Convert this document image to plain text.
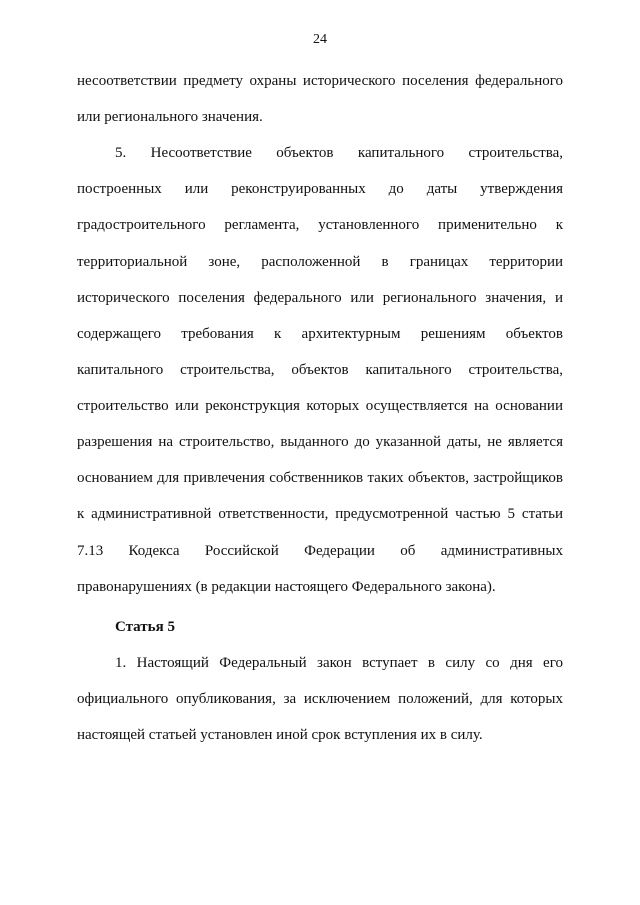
24
несоответствии предмету охраны исторического поселения федерального
или регионального значения.
5. Несоответствие объектов капитального строительства,
построенных или реконструированных до даты утверждения
градостроительного регламента, установленного применительно к
территориальной зоне, расположенной в границах территории
исторического поселения федерального или регионального значения, и
содержащего требования к архитектурным решениям объектов
капитального строительства, объектов капитального строительства,
строительство или реконструкция которых осуществляется на основании
разрешения на строительство, выданного до указанной даты, не является
основанием для привлечения собственников таких объектов, застройщиков
к административной ответственности, предусмотренной частью 5 статьи
7.13 Кодекса Российской Федерации об административных
правонарушениях (в редакции настоящего Федерального закона).
Статья 5
1. Настоящий Федеральный закон вступает в силу со дня его
официального опубликования, за исключением положений, для которых
настоящей статьей установлен иной срок вступления их в силу.
